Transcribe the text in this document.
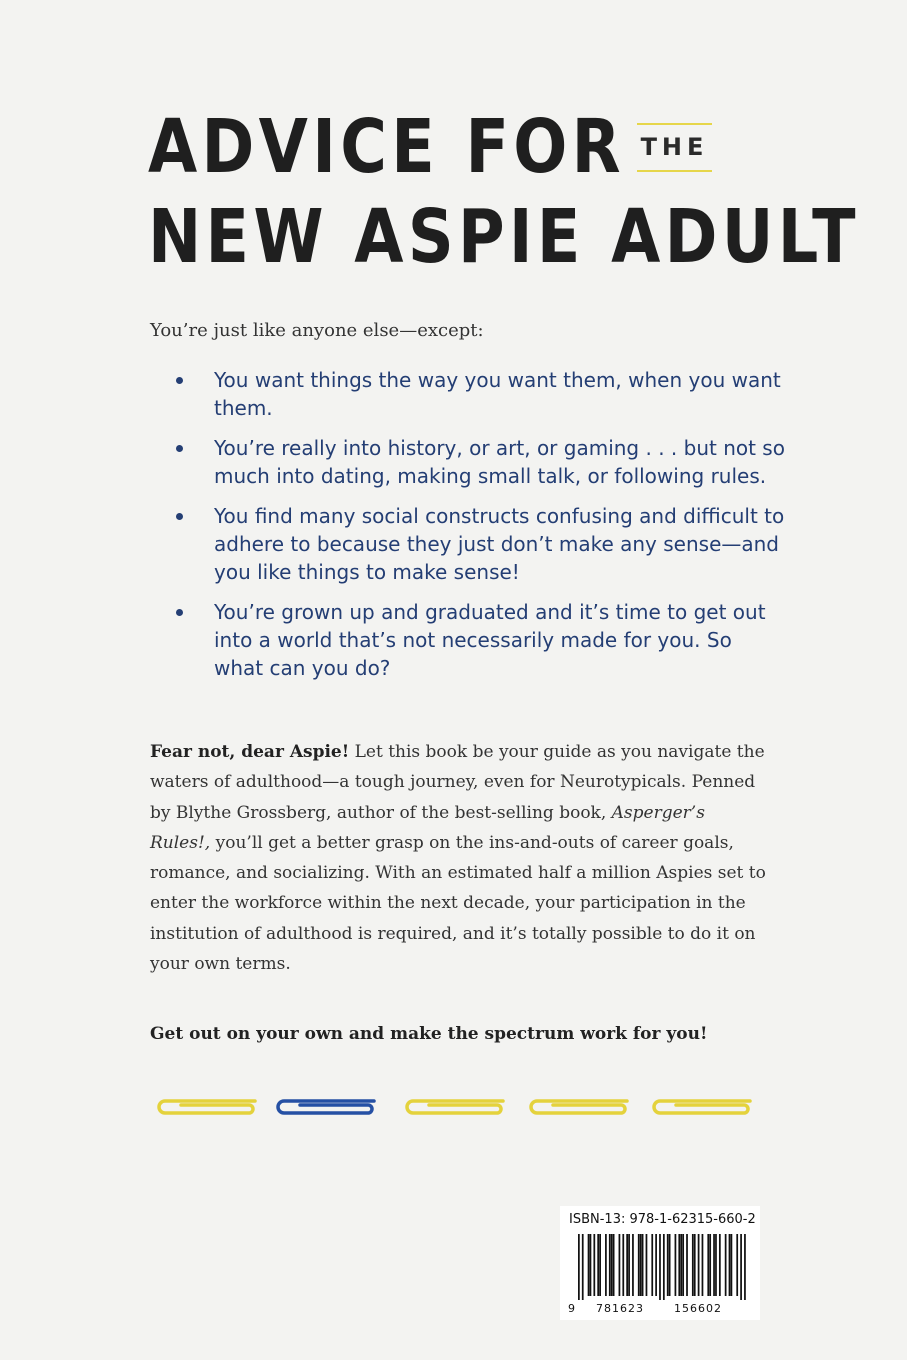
ADVICE FOR THE
NEW ASPIE ADULT
You’re just like anyone else—except:
You want things the way you want them, when you want them.
You’re really into history, or art, or gaming . . . but not so much into dating, making small talk, or following rules.
You find many social constructs confusing and difficult to adhere to because they just don’t make any sense—and you like things to make sense!
You’re grown up and graduated and it’s time to get out into a world that’s not necessarily made for you. So what can you do?
Fear not, dear Aspie! Let this book be your guide as you navigate the waters of adulthood—a tough journey, even for Neurotypicals. Penned by Blythe Grossberg, author of the best-selling book, Asperger’s Rules!, you’ll get a better grasp on the ins-and-outs of career goals, romance, and socializing. With an estimated half a million Aspies set to enter the workforce within the next decade, your participation in the institution of adulthood is required, and it’s totally possible to do it on your own terms.
Get out on your own and make the spectrum work for you!
ISBN-13: 978-1-62315-660-2
9 781623	156602
